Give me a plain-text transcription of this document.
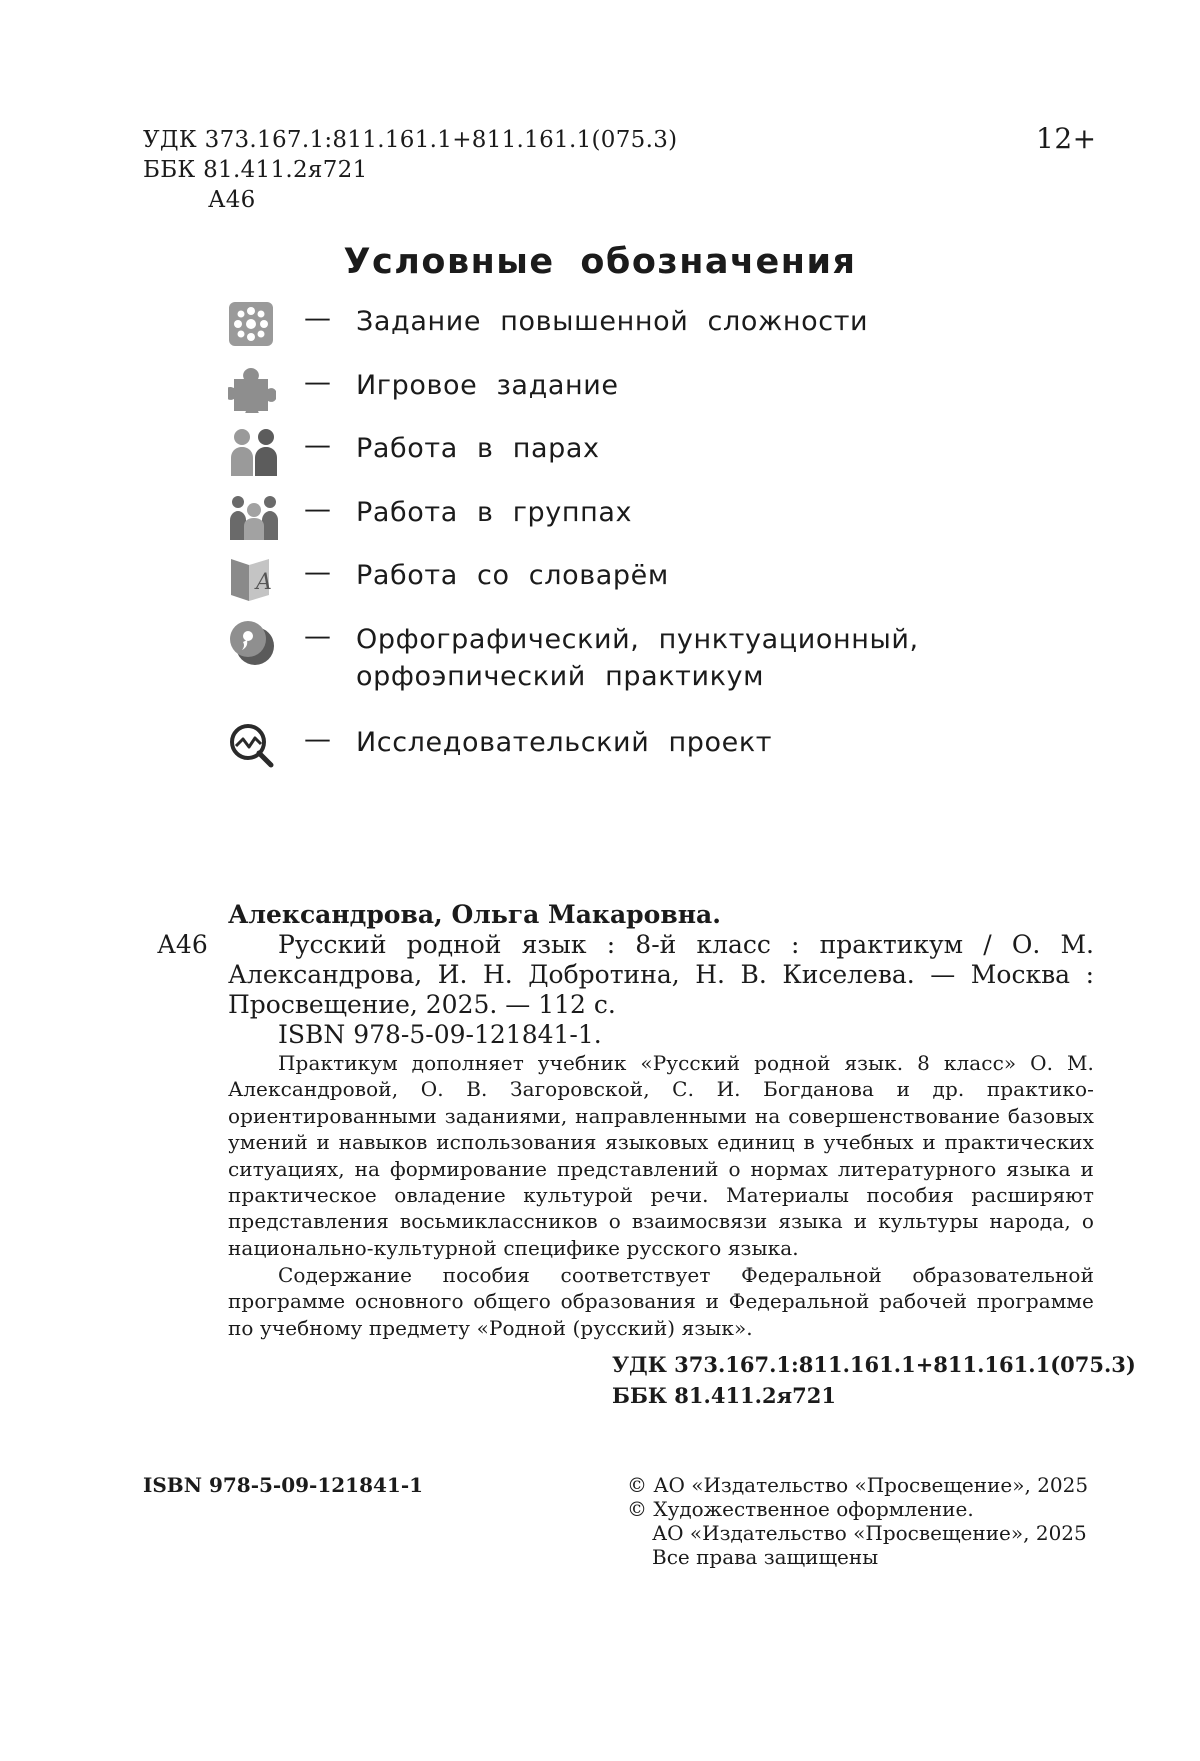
УДК 373.167.1:811.161.1+811.161.1(075.3)
ББК 81.411.2я721
А46
12+
Условные обозначения
— Задание повышенной сложности
— Игровое задание
— Работа в парах
— Работа в группах
A — Работа со словарём
— Орфографический, пунктуационный,
орфоэпический практикум
— Исследовательский проект
Александрова, Ольга Макаровна.
А46	Русский родной язык : 8-й класс : практикум / О. М. Александрова, И. Н. Добротина, Н. В. Киселева. — Москва : Просвещение, 2025. — 112 с.
ISBN 978-5-09-121841-1.
Практикум дополняет учебник «Русский родной язык. 8 класс» О. М. Александровой, О. В. Загоровской, С. И. Богданова и др. практико-ориентированными заданиями, направленными на совершенствование базовых умений и навыков использования языковых единиц в учебных и практических ситуациях, на формирование представлений о нормах литературного языка и практическое овладение культурой речи. Материалы пособия расширяют представления восьмиклассников о взаимосвязи языка и культуры народа, о национально-культурной специфике русского языка.
Содержание пособия соответствует Федеральной образовательной программе основного общего образования и Федеральной рабочей программе по учебному предмету «Родной (русский) язык».
УДК 373.167.1:811.161.1+811.161.1(075.3)
ББК 81.411.2я721
ISBN 978-5-09-121841-1	© АО «Издательство «Просвещение», 2025
© Художественное оформление.
АО «Издательство «Просвещение», 2025
Все права защищены
